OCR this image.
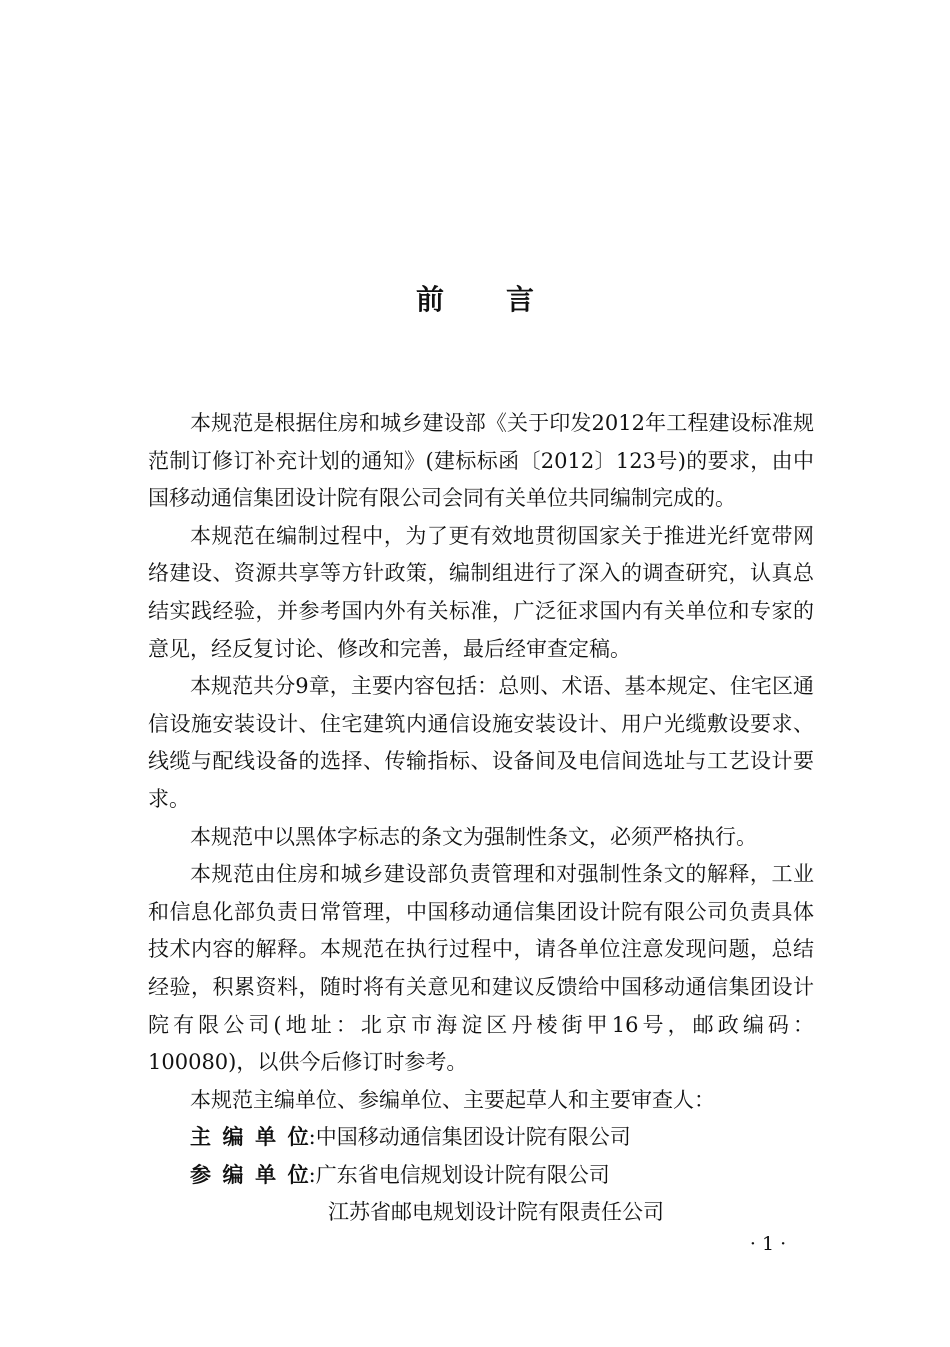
前 言

本规范是根据住房和城乡建设部《关于印发2012年工程建设标准规范制订修订补充计划的通知》(建标标函〔2012〕123号)的要求，由中国移动通信集团设计院有限公司会同有关单位共同编制完成的。

本规范在编制过程中，为了更有效地贯彻国家关于推进光纤宽带网络建设、资源共享等方针政策，编制组进行了深入的调查研究，认真总结实践经验，并参考国内外有关标准，广泛征求国内有关单位和专家的意见，经反复讨论、修改和完善，最后经审查定稿。

本规范共分9章，主要内容包括：总则、术语、基本规定、住宅区通信设施安装设计、住宅建筑内通信设施安装设计、用户光缆敷设要求、线缆与配线设备的选择、传输指标、设备间及电信间选址与工艺设计要求。

本规范中以黑体字标志的条文为强制性条文，必须严格执行。

本规范由住房和城乡建设部负责管理和对强制性条文的解释，工业和信息化部负责日常管理，中国移动通信集团设计院有限公司负责具体技术内容的解释。本规范在执行过程中，请各单位注意发现问题，总结经验，积累资料，随时将有关意见和建议反馈给中国移动通信集团设计院有限公司(地址：北京市海淀区丹棱街甲16号，邮政编码：100080)，以供今后修订时参考。

本规范主编单位、参编单位、主要起草人和主要审查人：

主编单位:中国移动通信集团设计院有限公司
参编单位:广东省电信规划设计院有限公司
江苏省邮电规划设计院有限责任公司
· 1 ·
